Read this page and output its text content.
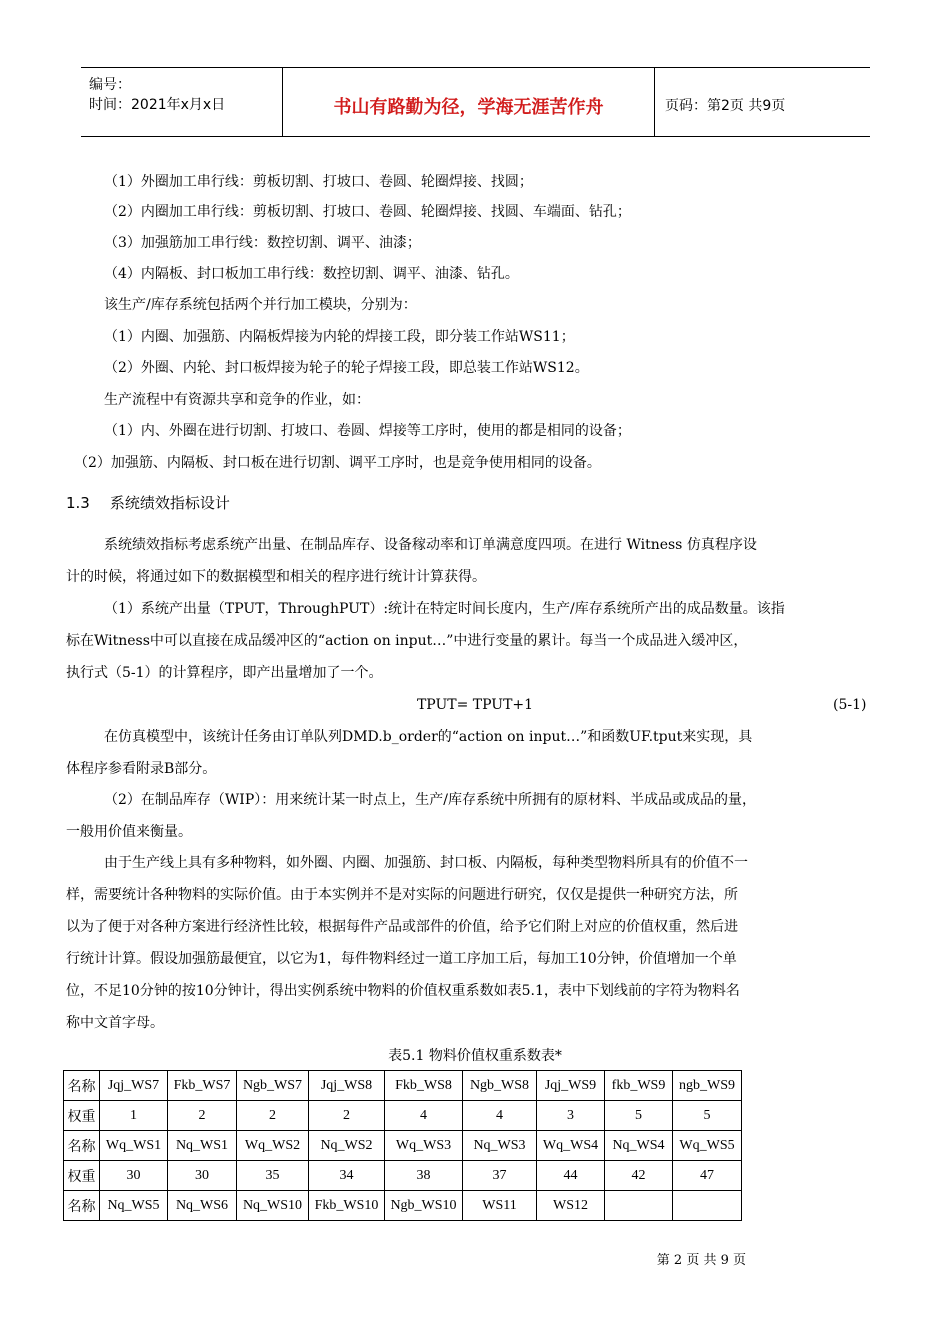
编号：
时间：2021年x月x日	书山有路勤为径，学海无涯苦作舟	页码：第2页 共9页
（1）外圈加工串行线：剪板切割、打坡口、卷圆、轮圈焊接、找圆；
（2）内圈加工串行线：剪板切割、打坡口、卷圆、轮圈焊接、找圆、车端面、钻孔；
（3）加强筋加工串行线：数控切割、调平、油漆；
（4）内隔板、封口板加工串行线：数控切割、调平、油漆、钻孔。
该生产/库存系统包括两个并行加工模块，分别为：
（1）内圈、加强筋、内隔板焊接为内轮的焊接工段，即分装工作站WS11；
（2）外圈、内轮、封口板焊接为轮子的轮子焊接工段，即总装工作站WS12。
生产流程中有资源共享和竞争的作业，如：
（1）内、外圈在进行切割、打坡口、卷圆、焊接等工序时，使用的都是相同的设备；
（2）加强筋、内隔板、封口板在进行切割、调平工序时，也是竞争使用相同的设备。
1.3 系统绩效指标设计
系统绩效指标考虑系统产出量、在制品库存、设备稼动率和订单满意度四项。在进行 Witness 仿真程序设
计的时候，将通过如下的数据模型和相关的程序进行统计计算获得。
（1）系统产出量（TPUT，ThroughPUT）:统计在特定时间长度内，生产/库存系统所产出的成品数量。该指
标在Witness中可以直接在成品缓冲区的“action on input…”中进行变量的累计。每当一个成品进入缓冲区，
执行式（5-1）的计算程序，即产出量增加了一个。
TPUT= TPUT+1	(5-1)
在仿真模型中，该统计任务由订单队列DMD.b_order的“action on input…”和函数UF.tput来实现，具
体程序参看附录B部分。
（2）在制品库存（WIP）：用来统计某一时点上，生产/库存系统中所拥有的原材料、半成品或成品的量，
一般用价值来衡量。
由于生产线上具有多种物料，如外圈、内圈、加强筋、封口板、内隔板，每种类型物料所具有的价值不一
样，需要统计各种物料的实际价值。由于本实例并不是对实际的问题进行研究，仅仅是提供一种研究方法，所
以为了便于对各种方案进行经济性比较，根据每件产品或部件的价值，给予它们附上对应的价值权重，然后进
行统计计算。假设加强筋最便宜，以它为1，每件物料经过一道工序加工后，每加工10分钟，价值增加一个单
位，不足10分钟的按10分钟计，得出实例系统中物料的价值权重系数如表5.1，表中下划线前的字符为物料名
称中文首字母。
表5.1 物料价值权重系数表*
名称	Jqj_WS7	Fkb_WS7	Ngb_WS7	Jqj_WS8	Fkb_WS8	Ngb_WS8	Jqj_WS9	fkb_WS9	ngb_WS9
权重	1	2	2	2	4	4	3	5	5
名称	Wq_WS1	Nq_WS1	Wq_WS2	Nq_WS2	Wq_WS3	Nq_WS3	Wq_WS4	Nq_WS4	Wq_WS5
权重	30	30	35	34	38	37	44	42	47
名称	Nq_WS5	Nq_WS6	Nq_WS10	Fkb_WS10	Ngb_WS10	WS11	WS12		
第 2 页 共 9 页
